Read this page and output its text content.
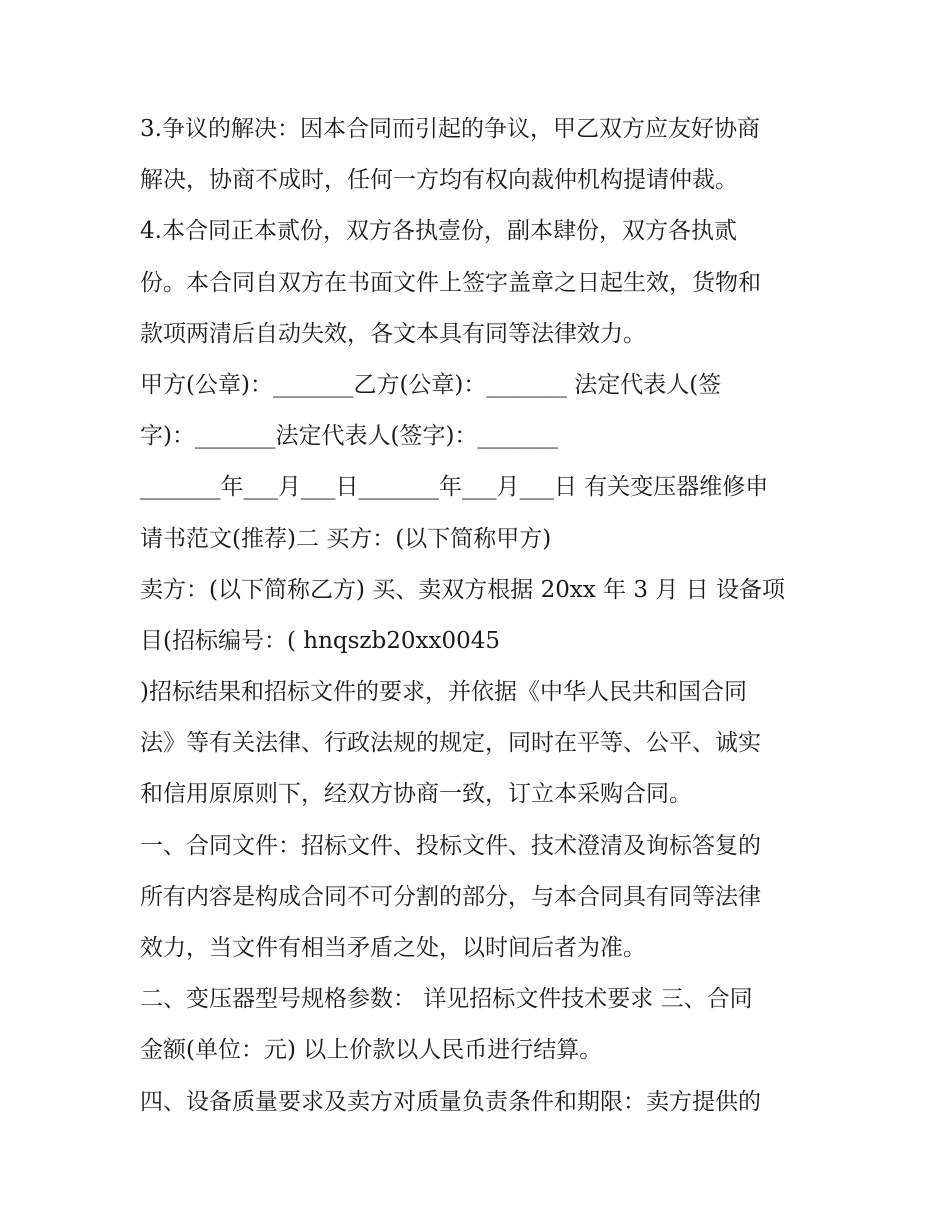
3.争议的解决：因本合同而引起的争议，甲乙双方应友好协商
解决，协商不成时，任何一方均有权向裁仲机构提请仲裁。
4.本合同正本贰份，双方各执壹份，副本肆份，双方各执贰
份。本合同自双方在书面文件上签字盖章之日起生效，货物和
款项两清后自动失效，各文本具有同等法律效力。
甲方(公章)：_______乙方(公章)：_______ 法定代表人(签
字)：_______法定代表人(签字)：_______
_______年___月___日_______年___月___日 有关变压器维修申
请书范文(推荐)二 买方：(以下简称甲方)
卖方：(以下简称乙方) 买、卖双方根据 20xx 年 3 月 日 设备项
目(招标编号：( hnqszb20xx0045
)招标结果和招标文件的要求，并依据《中华人民共和国合同
法》等有关法律、行政法规的规定，同时在平等、公平、诚实
和信用原原则下，经双方协商一致，订立本采购合同。
一、合同文件：招标文件、投标文件、技术澄清及询标答复的
所有内容是构成合同不可分割的部分，与本合同具有同等法律
效力，当文件有相当矛盾之处，以时间后者为准。
二、变压器型号规格参数： 详见招标文件技术要求 三、合同
金额(单位：元) 以上价款以人民币进行结算。
四、设备质量要求及卖方对质量负责条件和期限：卖方提供的
